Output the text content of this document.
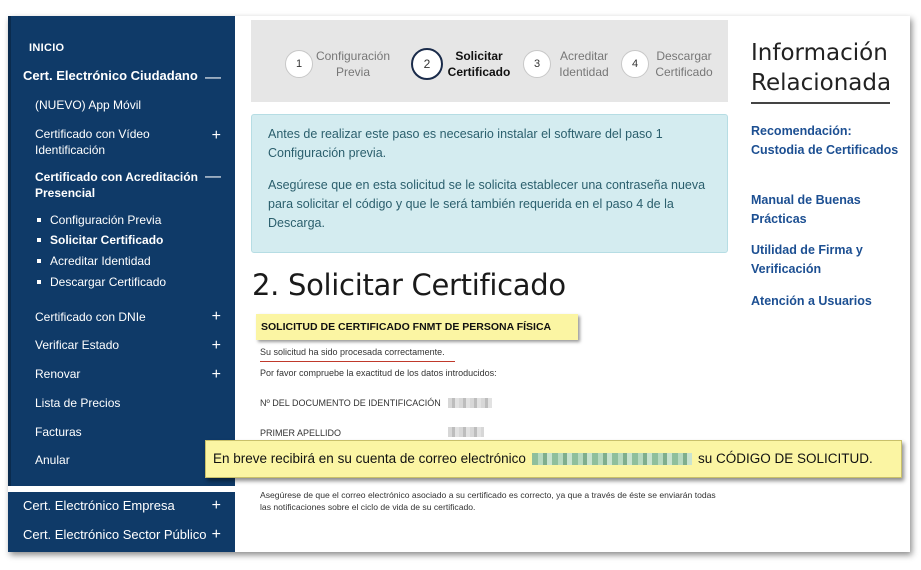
INICIO
Cert. Electrónico Ciudadano —
(NUEVO) App Móvil
Certificado con Vídeo Identificación
+
Certificado con Acreditación Presencial
—
Configuración Previa
Solicitar Certificado
Acreditar Identidad
Descargar Certificado
Certificado con DNIe	+
Verificar Estado	+
Renovar	+
Lista de Precios
Facturas
Anular
Cert. Electrónico Empresa +
Cert. Electrónico Sector Público +
1
Configuración Previa
2
Solicitar Certificado
3
Acreditar Identidad
4
Descargar Certificado

Antes de realizar este paso es necesario instalar el software del paso 1 Configuración previa.

Asegúrese que en esta solicitud se le solicita establecer una contraseña nueva para solicitar el código y que le será también requerida en el paso 4 de la Descarga.

2. Solicitar Certificado
SOLICITUD DE CERTIFICADO FNMT DE PERSONA FÍSICA
Su solicitud ha sido procesada correctamente.
Por favor compruebe la exactitud de los datos introducidos:
Nº DEL DOCUMENTO DE IDENTIFICACIÓN
PRIMER APELLIDO
En breve recibirá en su cuenta de correo electrónico	su CÓDIGO DE SOLICITUD.
Asegúrese de que el correo electrónico asociado a su certificado es correcto, ya que a través de éste se enviarán todas las notificaciones sobre el ciclo de vida de su certificado.
Información Relacionada
Recomendación: Custodia de Certificados
Manual de Buenas Prácticas
Utilidad de Firma y Verificación
Atención a Usuarios
